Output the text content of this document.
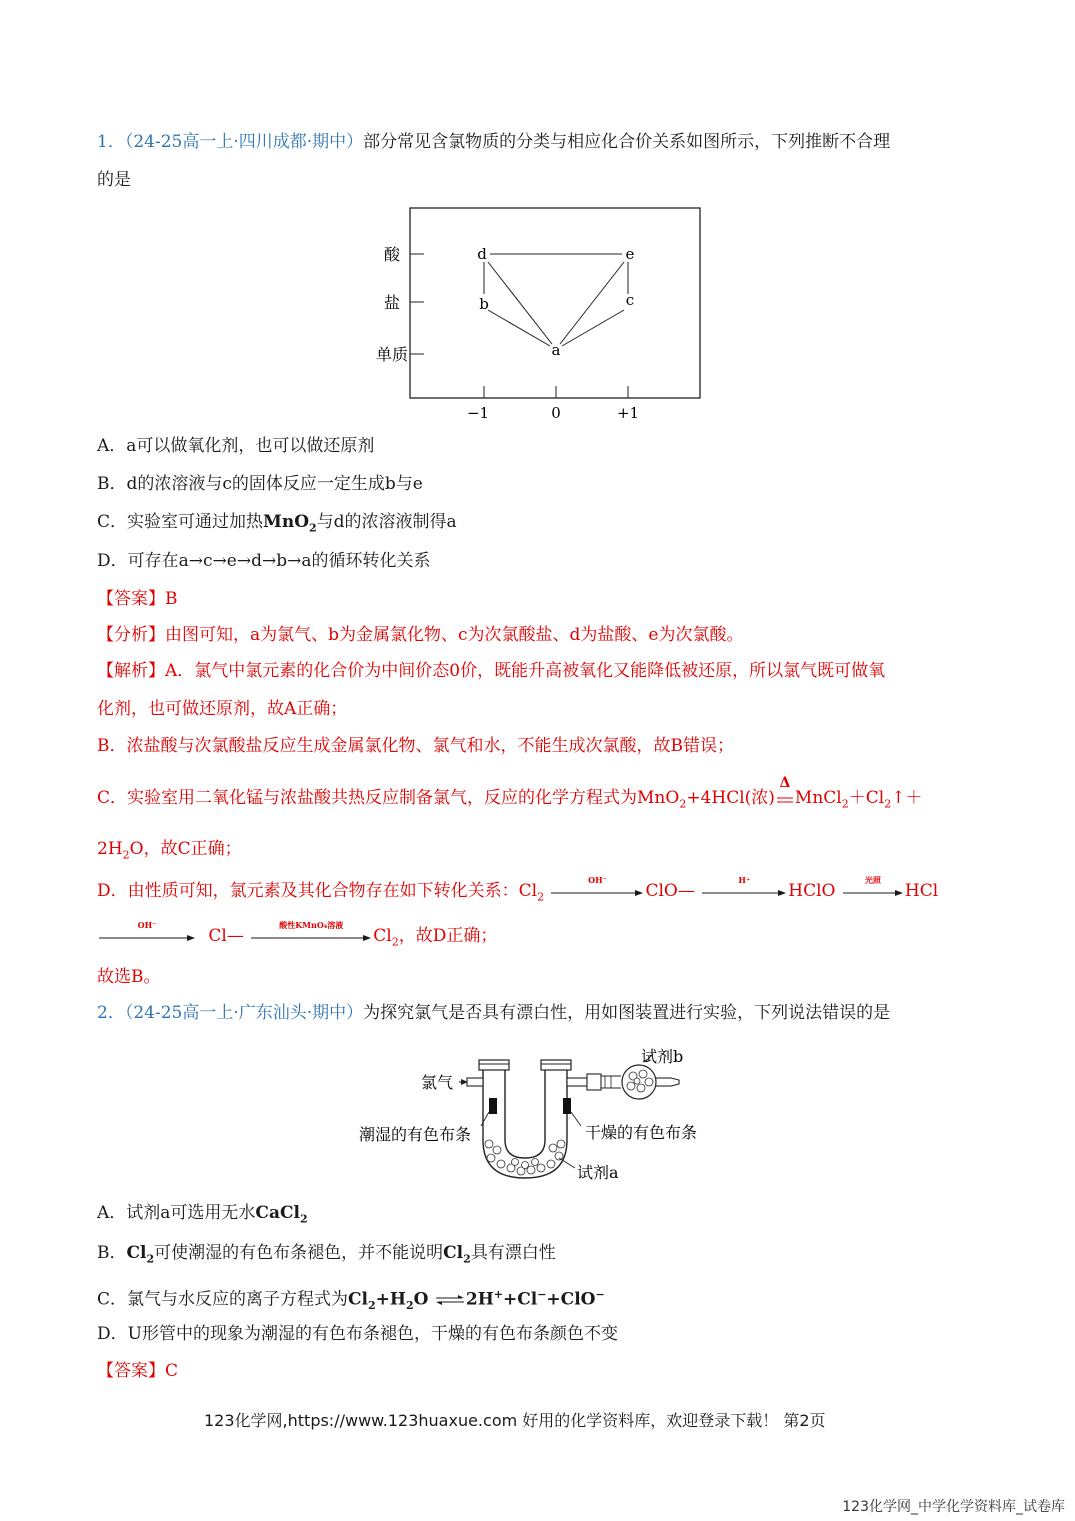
1．（24-25高一上·四川成都·期中）部分常见含氯物质的分类与相应化合价关系如图所示，下列推断不合理
的是
酸
盐
单质
−1	0	+1
d	e
b	c
a
A．a可以做氧化剂，也可以做还原剂
B．d的浓溶液与c的固体反应一定生成b与e
C．实验室可通过加热MnO$_2$与d的浓溶液制得a
D．可存在a→c→e→d→b→a的循环转化关系
【答案】B
【分析】由图可知，a为氯气、b为金属氯化物、c为次氯酸盐、d为盐酸、e为次氯酸。
【解析】A．氯气中氯元素的化合价为中间价态0价，既能升高被氧化又能降低被还原，所以氯气既可做氧
化剂，也可做还原剂，故A正确；
B．浓盐酸与次氯酸盐反应生成金属氯化物、氯气和水，不能生成次氯酸，故B错误；
C．实验室用二氧化锰与浓盐酸共热反应制备氯气，反应的化学方程式为MnO$_2$+4HCl(浓)
Δ
$MnCl_2+Cl_2↑+$
$2H_2O$，故C正确；
D．由性质可知，氯元素及其化合物存在如下转化关系：$Cl_2$
OH⁻
ClO—
H⁺
HClO
光照
HCl
OH⁻
Cl—
酸性KMnO₄溶液
$Cl_2$，故D正确；
故选B。
2．（24-25高一上·广东汕头·期中）为探究氯气是否具有漂白性，用如图装置进行实验，下列说法错误的是
氯气
潮湿的有色布条	干燥的有色布条
试剂a
试剂b
A．试剂a可选用无水CaCl$_2$
B．$Cl_2$可使潮湿的有色布条褪色，并不能说明$Cl_2$具有漂白性
C．氯气与水反应的离子方程式为$Cl_2+H_2O$ ⇌ 2H++Cl−+ClO−
D．U形管中的现象为潮湿的有色布条褪色，干燥的有色布条颜色不变
【答案】C
123化学网,https://www.123huaxue.com 好用的化学资料库，欢迎登录下载！ 第2页
123化学网_中学化学资料库_试卷库
